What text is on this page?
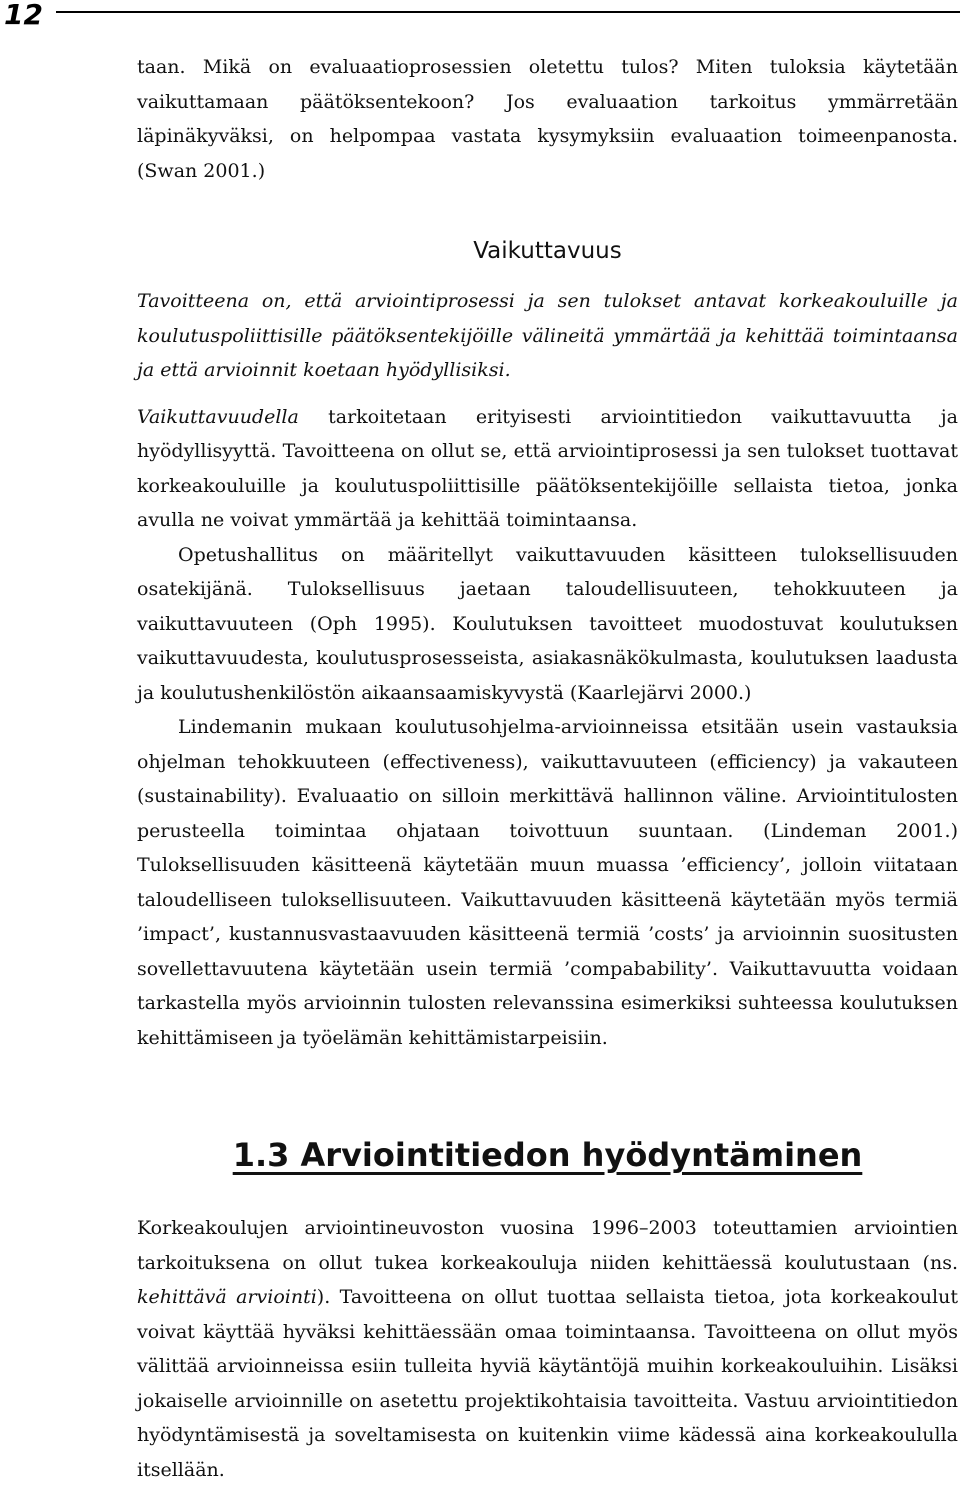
12

taan. Mikä on evaluaatioprosessien oletettu tulos? Miten tuloksia käytetään vaikuttamaan päätöksentekoon? Jos evaluaation tarkoitus ymmärretään läpinäkyväksi, on helpompaa vastata kysymyksiin evaluaation toimeenpanosta. (Swan 2001.)

Vaikuttavuus

Tavoitteena on, että arviointiprosessi ja sen tulokset antavat korkeakouluille ja koulutuspoliittisille päätöksentekijöille välineitä ymmärtää ja kehittää toimintaansa ja että arvioinnit koetaan hyödyllisiksi.

Vaikuttavuudella tarkoitetaan erityisesti arviointitiedon vaikuttavuutta ja hyödyllisyyttä. Tavoitteena on ollut se, että arviointiprosessi ja sen tulokset tuottavat korkeakouluille ja koulutuspoliittisille päätöksentekijöille sellaista tietoa, jonka avulla ne voivat ymmärtää ja kehittää toimintaansa.

Opetushallitus on määritellyt vaikuttavuuden käsitteen tuloksellisuuden osatekijänä. Tuloksellisuus jaetaan taloudellisuuteen, tehokkuuteen ja vaikuttavuuteen (Oph 1995). Koulutuksen tavoitteet muodostuvat koulutuksen vaikuttavuudesta, koulutusprosesseista, asiakasnäkökulmasta, koulutuksen laadusta ja koulutushenkilöstön aikaansaamiskyvystä (Kaarlejärvi 2000.)

Lindemanin mukaan koulutusohjelma-arvioinneissa etsitään usein vastauksia ohjelman tehokkuuteen (effectiveness), vaikuttavuuteen (efficiency) ja vakauteen (sustainability). Evaluaatio on silloin merkittävä hallinnon väline. Arviointitulosten perusteella toimintaa ohjataan toivottuun suuntaan. (Lindeman 2001.) Tuloksellisuuden käsitteenä käytetään muun muassa ’efficiency’, jolloin viitataan taloudelliseen tuloksellisuuteen. Vaikuttavuuden käsitteenä käytetään myös termiä ’impact’, kustannusvastaavuuden käsitteenä termiä ’costs’ ja arvioinnin suositusten sovellettavuutena käytetään usein termiä ’compabability’. Vaikuttavuutta voidaan tarkastella myös arvioinnin tulosten relevanssina esimerkiksi suhteessa koulutuksen kehittämiseen ja työelämän kehittämistarpeisiin.

1.3 Arviointitiedon hyödyntäminen

Korkeakoulujen arviointineuvoston vuosina 1996–2003 toteuttamien arviointien tarkoituksena on ollut tukea korkeakouluja niiden kehittäessä koulutustaan (ns. kehittävä arviointi). Tavoitteena on ollut tuottaa sellaista tietoa, jota korkeakoulut voivat käyttää hyväksi kehittäessään omaa toimintaansa. Tavoitteena on ollut myös välittää arvioinneissa esiin tulleita hyviä käytäntöjä muihin korkeakouluihin. Lisäksi jokaiselle arvioinnille on asetettu projektikohtaisia tavoitteita. Vastuu arviointitiedon hyödyntämisestä ja soveltamisesta on kuitenkin viime kädessä aina korkeakoululla itsellään.
